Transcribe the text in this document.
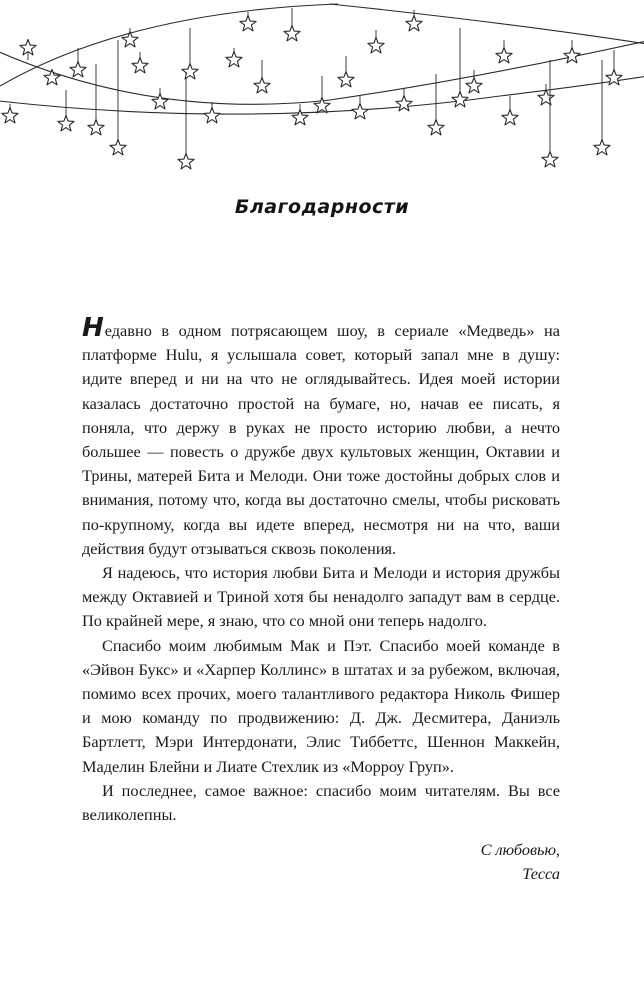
Благодарности

Недавно в одном потрясающем шоу, в сериале «Медведь» на платформе Hulu, я услышала совет, который запал мне в душу: идите вперед и ни на что не оглядывайтесь. Идея моей истории казалась достаточно простой на бумаге, но, начав ее писать, я поняла, что держу в руках не просто историю любви, а нечто большее — повесть о дружбе двух культовых женщин, Октавии и Трины, матерей Бита и Мелоди. Они тоже достойны добрых слов и внимания, потому что, когда вы достаточно смелы, чтобы рисковать по-крупному, когда вы идете вперед, несмотря ни на что, ваши действия будут отзываться сквозь поколения.

Я надеюсь, что история любви Бита и Мелоди и история дружбы между Октавией и Триной хотя бы ненадолго западут вам в сердце. По крайней мере, я знаю, что со мной они теперь надолго.

Спасибо моим любимым Мак и Пэт. Спасибо моей команде в «Эйвон Букс» и «Харпер Коллинс» в штатах и за рубежом, включая, помимо всех прочих, моего талантливого редактора Николь Фишер и мою команду по продвижению: Д. Дж. Десмитера, Даниэль Бартлетт, Мэри Интердонати, Элис Тиббеттс, Шеннон Маккейн, Маделин Блейни и Лиате Стехлик из «Морроу Груп».

И последнее, самое важное: спасибо моим читателям. Вы все великолепны.

С любовью,
Тесса
